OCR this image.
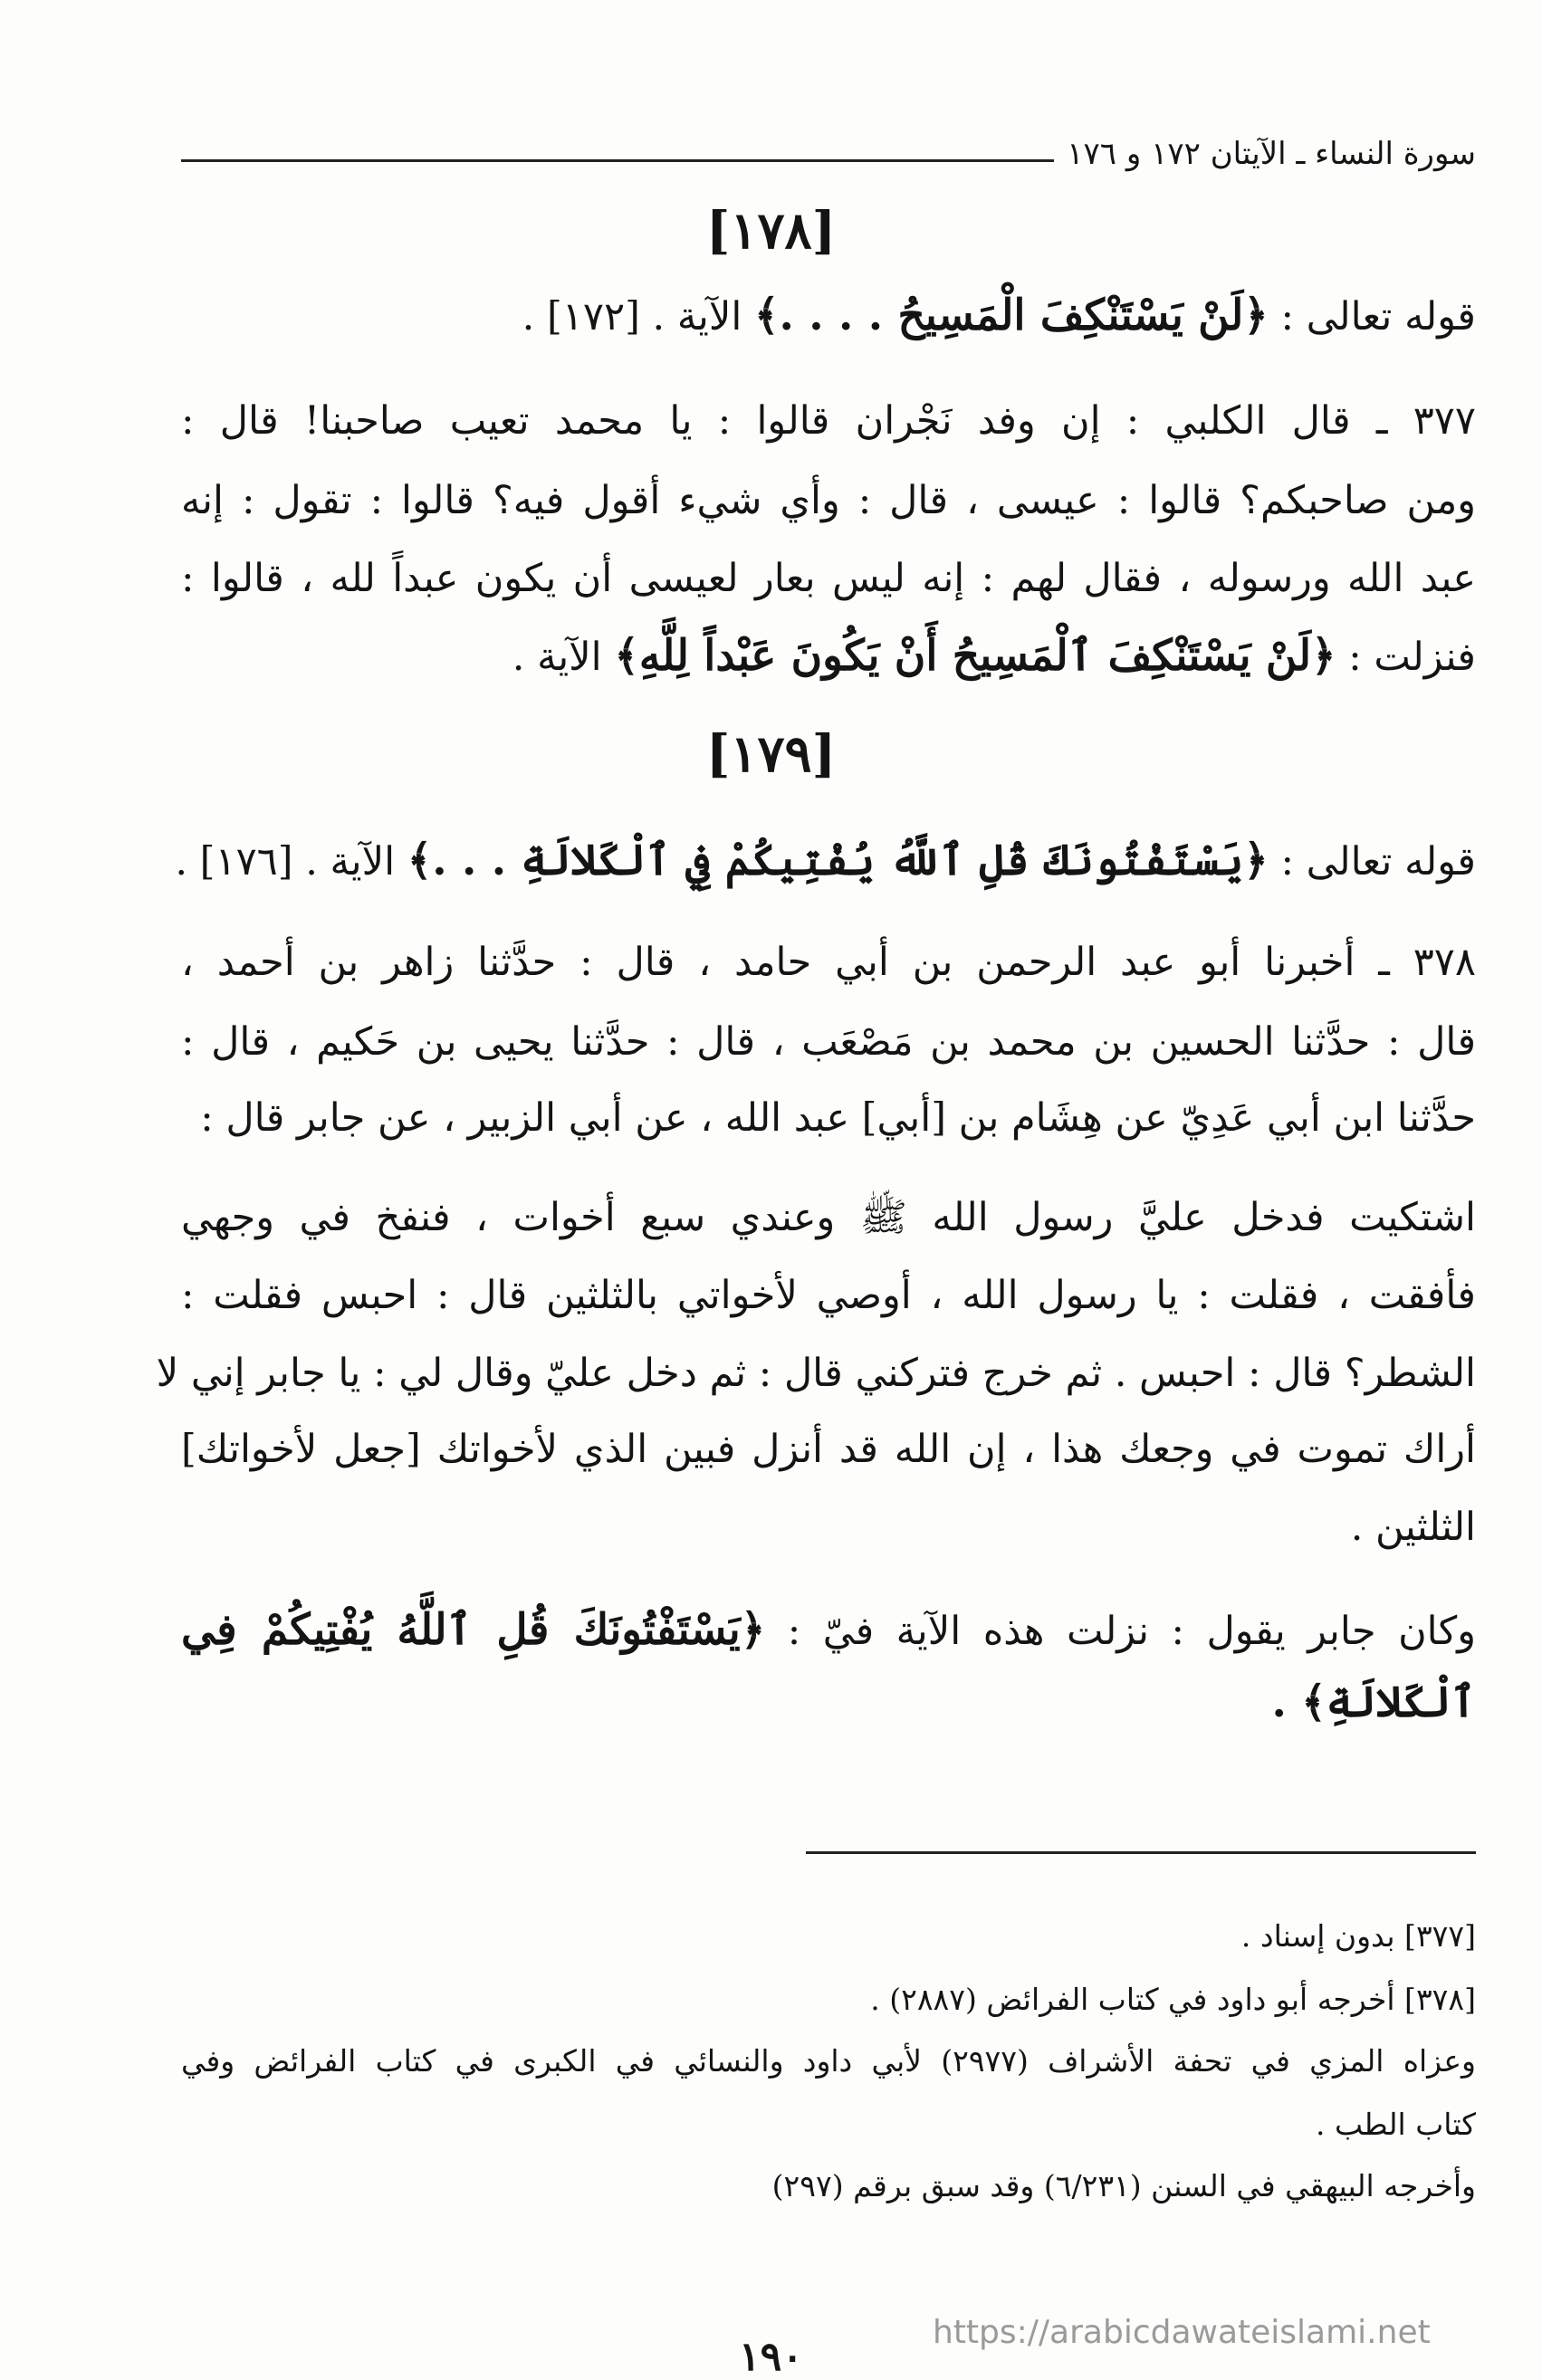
سورة النساء ـ الآيتان ١٧٢ و ١٧٦
[١٧٨]
قوله تعالى : ﴿لَنْ يَسْتَنْكِفَ الْمَسِيحُ . . . .﴾ الآية . [١٧٢] .
٣٧٧ ـ قال الكلبي : إن وفد نَجْران قالوا : يا محمد تعيب صاحبنا! قال :
ومن صاحبكم؟ قالوا : عيسى ، قال : وأي شيء أقول فيه؟ قالوا : تقول : إنه
عبد الله ورسوله ، فقال لهم : إنه ليس بعار لعيسى أن يكون عبداً لله ، قالوا :
فنزلت : ﴿لَنْ يَسْتَنْكِفَ ٱلْمَسِيحُ أَنْ يَكُونَ عَبْداً لِلَّهِ﴾ الآية .
[١٧٩]
قوله تعالى : ﴿يَسْتَفْتُونَكَ قُلِ ٱللَّهُ يُفْتِيكُمْ فِي ٱلْكَلالَةِ . . .﴾ الآية . [١٧٦] .
٣٧٨ ـ أخبرنا أبو عبد الرحمن بن أبي حامد ، قال : حدَّثنا زاهر بن أحمد ،
قال : حدَّثنا الحسين بن محمد بن مَصْعَب ، قال : حدَّثنا يحيى بن حَكيم ، قال :
حدَّثنا ابن أبي عَدِيّ عن هِشَام بن [أبي] عبد الله ، عن أبي الزبير ، عن جابر قال :
اشتكيت فدخل عليَّ رسول الله ﷺ وعندي سبع أخوات ، فنفخ في وجهي
فأفقت ، فقلت : يا رسول الله ، أوصي لأخواتي بالثلثين قال : احبس فقلت :
الشطر؟ قال : احبس . ثم خرج فتركني قال : ثم دخل عليّ وقال لي : يا جابر إني لا
أراك تموت في وجعك هذا ، إن الله قد أنزل فبين الذي لأخواتك [جعل لأخواتك]
الثلثين .
وكان جابر يقول : نزلت هذه الآية فيّ : ﴿يَسْتَفْتُونَكَ قُلِ ٱللَّهُ يُفْتِيكُمْ فِي
ٱلْكَلالَةِ﴾ .
[٣٧٧] بدون إسناد .
[٣٧٨] أخرجه أبو داود في كتاب الفرائض (٢٨٨٧) .
وعزاه المزي في تحفة الأشراف (٢٩٧٧) لأبي داود والنسائي في الكبرى في كتاب الفرائض وفي
كتاب الطب .
وأخرجه البيهقي في السنن (٦/٢٣١) وقد سبق برقم (٢٩٧)
https://arabicdawateislami.net
١٩٠
